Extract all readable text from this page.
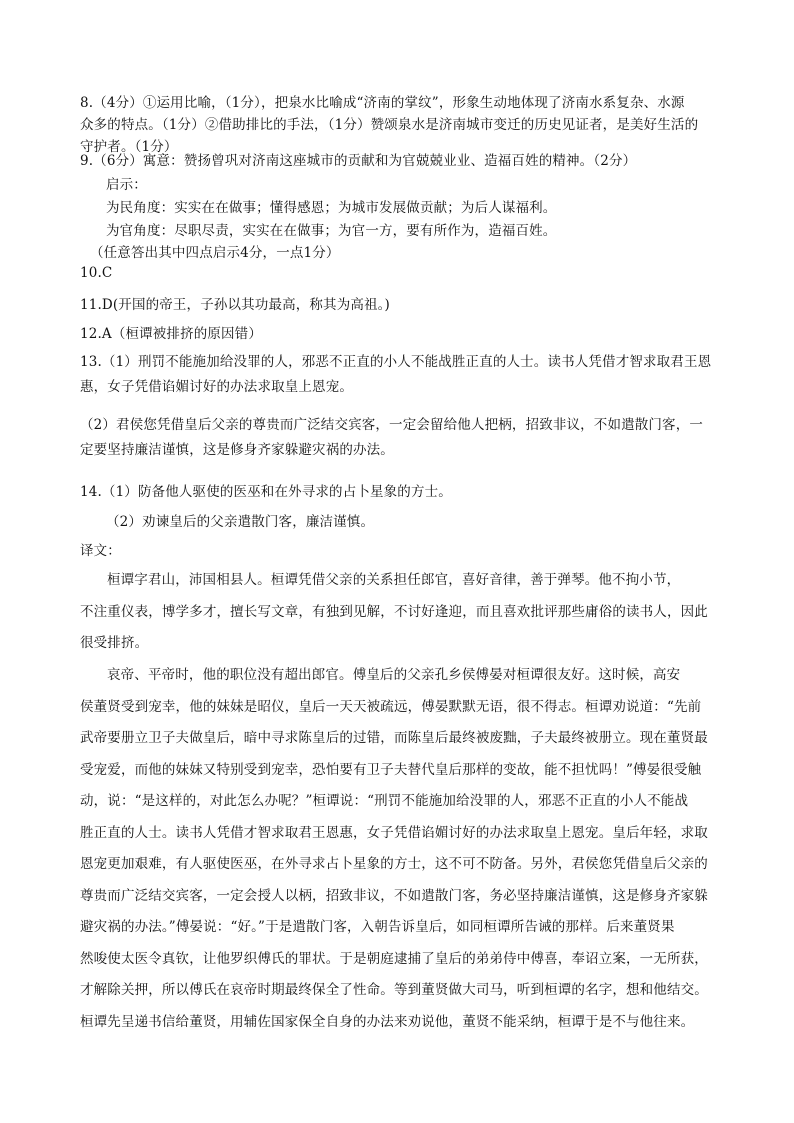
8.（4分）①运用比喻，（1分），把泉水比喻成“济南的掌纹”，形象生动地体现了济南水系复杂、水源
众多的特点。（1分）②借助排比的手法，（1分）赞颂泉水是济南城市变迁的历史见证者，是美好生活的
守护者。（1分）
9.（6分）寓意：赞扬曾巩对济南这座城市的贡献和为官兢兢业业、造福百姓的精神。（2分）
启示：
为民角度：实实在在做事；懂得感恩；为城市发展做贡献；为后人谋福利。
为官角度：尽职尽责，实实在在做事；为官一方，要有所作为，造福百姓。
（任意答出其中四点启示4分，一点1分）
10.C
11.D(开国的帝王，子孙以其功最高，称其为高祖。)
12.A（桓谭被排挤的原因错）
13.（1）刑罚不能施加给没罪的人，邪恶不正直的小人不能战胜正直的人士。读书人凭借才智求取君王恩
惠，女子凭借谄媚讨好的办法求取皇上恩宠。
（2）君侯您凭借皇后父亲的尊贵而广泛结交宾客，一定会留给他人把柄，招致非议，不如遣散门客，一
定要坚持廉洁谨慎，这是修身齐家躲避灾祸的办法。
14.（1）防备他人驱使的医巫和在外寻求的占卜星象的方士。
（2）劝谏皇后的父亲遣散门客，廉洁谨慎。
译文：
桓谭字君山，沛国相县人。桓谭凭借父亲的关系担任郎官，喜好音律，善于弹琴。他不拘小节，
不注重仪表，博学多才，擅长写文章，有独到见解，不讨好逢迎，而且喜欢批评那些庸俗的读书人，因此
很受排挤。
哀帝、平帝时，他的职位没有超出郎官。傅皇后的父亲孔乡侯傅晏对桓谭很友好。这时候，高安
侯董贤受到宠幸，他的妹妹是昭仪，皇后一天天被疏远，傅晏默默无语，很不得志。桓谭劝说道：“先前
武帝要册立卫子夫做皇后，暗中寻求陈皇后的过错，而陈皇后最终被废黜，子夫最终被册立。现在董贤最
受宠爱，而他的妹妹又特别受到宠幸，恐怕要有卫子夫替代皇后那样的变故，能不担忧吗！”傅晏很受触
动，说：“是这样的，对此怎么办呢？”桓谭说：“刑罚不能施加给没罪的人，邪恶不正直的小人不能战
胜正直的人士。读书人凭借才智求取君王恩惠，女子凭借谄媚讨好的办法求取皇上恩宠。皇后年轻，求取
恩宠更加艰难，有人驱使医巫，在外寻求占卜星象的方士，这不可不防备。另外，君侯您凭借皇后父亲的
尊贵而广泛结交宾客，一定会授人以柄，招致非议，不如遣散门客，务必坚持廉洁谨慎，这是修身齐家躲
避灾祸的办法。”傅晏说：“好。”于是遣散门客，入朝告诉皇后，如同桓谭所告诫的那样。后来董贤果
然唆使太医令真钦，让他罗织傅氏的罪状。于是朝庭逮捕了皇后的弟弟侍中傅喜，奉诏立案，一无所获，
才解除关押，所以傅氏在哀帝时期最终保全了性命。等到董贤做大司马，听到桓谭的名字，想和他结交。
桓谭先呈递书信给董贤，用辅佐国家保全自身的办法来劝说他，董贤不能采纳，桓谭于是不与他往来。
